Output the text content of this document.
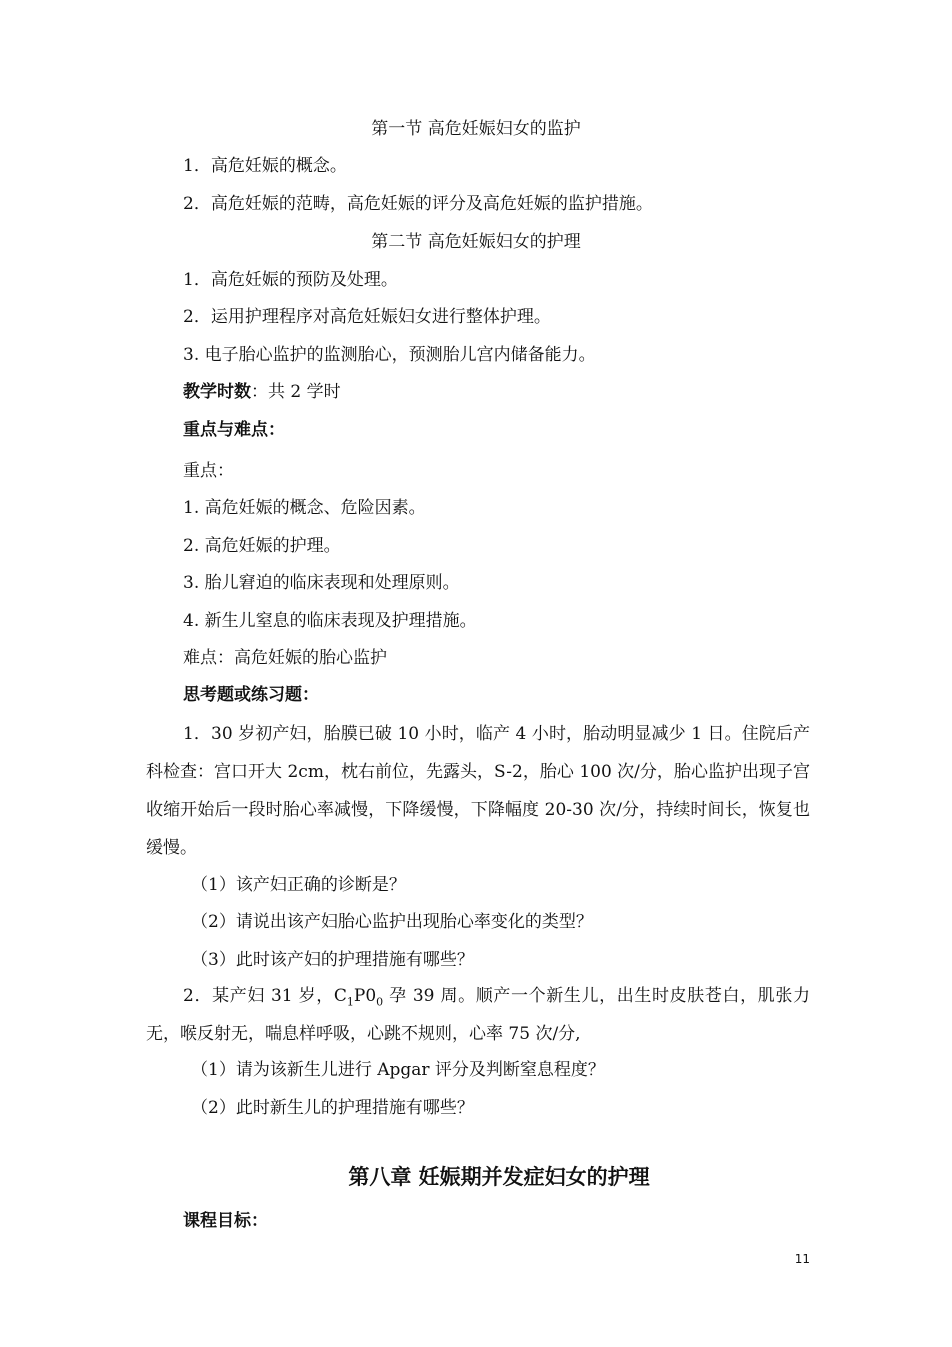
第一节 高危妊娠妇女的监护
1．高危妊娠的概念。
2．高危妊娠的范畴，高危妊娠的评分及高危妊娠的监护措施。
第二节 高危妊娠妇女的护理
1．高危妊娠的预防及处理。
2．运用护理程序对高危妊娠妇女进行整体护理。
3. 电子胎心监护的监测胎心，预测胎儿宫内储备能力。
教学时数：共 2 学时
重点与难点：
重点：
1. 高危妊娠的概念、危险因素。
2. 高危妊娠的护理。
3. 胎儿窘迫的临床表现和处理原则。
4. 新生儿窒息的临床表现及护理措施。
难点：高危妊娠的胎心监护
思考题或练习题：
1．30 岁初产妇，胎膜已破 10 小时，临产 4 小时，胎动明显减少 1 日。住院后产科检查：宫口开大 2cm，枕右前位，先露头，S-2，胎心 100 次/分，胎心监护出现子宫收缩开始后一段时胎心率减慢，下降缓慢，下降幅度 20-30 次/分，持续时间长，恢复也缓慢。
（1）该产妇正确的诊断是？
（2）请说出该产妇胎心监护出现胎心率变化的类型？
（3）此时该产妇的护理措施有哪些？
2．某产妇 31 岁，$C_1P0_0$ 孕 39 周。顺产一个新生儿，出生时皮肤苍白，肌张力无，喉反射无，喘息样呼吸，心跳不规则，心率 75 次/分,
（1）请为该新生儿进行 Apgar 评分及判断窒息程度？
（2）此时新生儿的护理措施有哪些？
第八章 妊娠期并发症妇女的护理
课程目标：
11
